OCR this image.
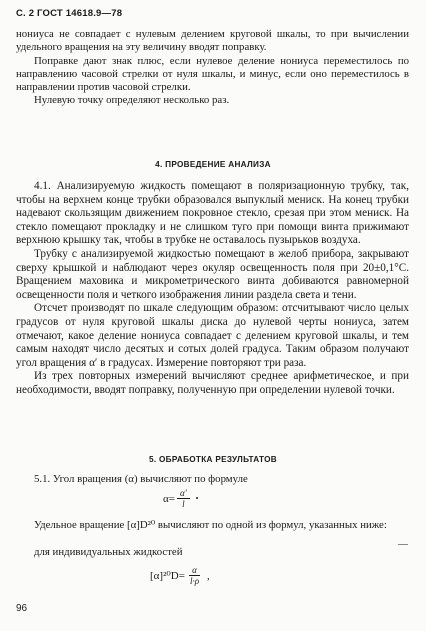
С. 2 ГОСТ 14618.9—78

нониуса не совпадает с нулевым делением круговой шкалы, то при вычислении удельного вращения на эту величину вводят поправку.

Поправке дают знак плюс, если нулевое деление нониуса переместилось по направлению часовой стрелки от нуля шкалы, и минус, если оно переместилось в направлении против часовой стрелки.

Нулевую точку определяют несколько раз.

4. ПРОВЕДЕНИЕ АНАЛИЗА

4.1. Анализируемую жидкость помещают в поляризационную трубку, так, чтобы на верхнем конце трубки образовался выпуклый мениск. На конец трубки надевают скользящим движением покровное стекло, срезая при этом мениск. На стекло помещают прокладку и не слишком туго при помощи винта прижимают верхнюю крышку так, чтобы в трубке не оставалось пузырьков воздуха.

Трубку с анализируемой жидкостью помещают в желоб прибора, закрывают сверху крышкой и наблюдают через окуляр освещенность поля при 20±0,1°С. Вращением маховика и микрометрического винта добиваются равномерной освещенности поля и четкого изображения линии раздела света и тени.

Отсчет производят по шкале следующим образом: отсчитывают число целых градусов от нуля круговой шкалы диска до нулевой черты нониуса, затем отмечают, какое деление нониуса совпадает с делением круговой шкалы, и тем самым находят число десятых и сотых долей градуса. Таким образом получают угол вращения α′ в градусах. Измерение повторяют три раза.

Из трех повторных измерений вычисляют среднее арифметическое, и при необходимости, вводят поправку, полученную при определении нулевой точки.

5. ОБРАБОТКА РЕЗУЛЬТАТОВ

5.1. Угол вращения (α) вычисляют по формуле

$\alpha= \frac{\alpha'}{l}$ •

Удельное вращение [α]D²⁰ вычисляют по одной из формул, указанных ниже:

—
для индивидуальных жидкостей
$[\alpha]^{20}D= \frac{\alpha}{l\cdot\rho}$ ,
96
